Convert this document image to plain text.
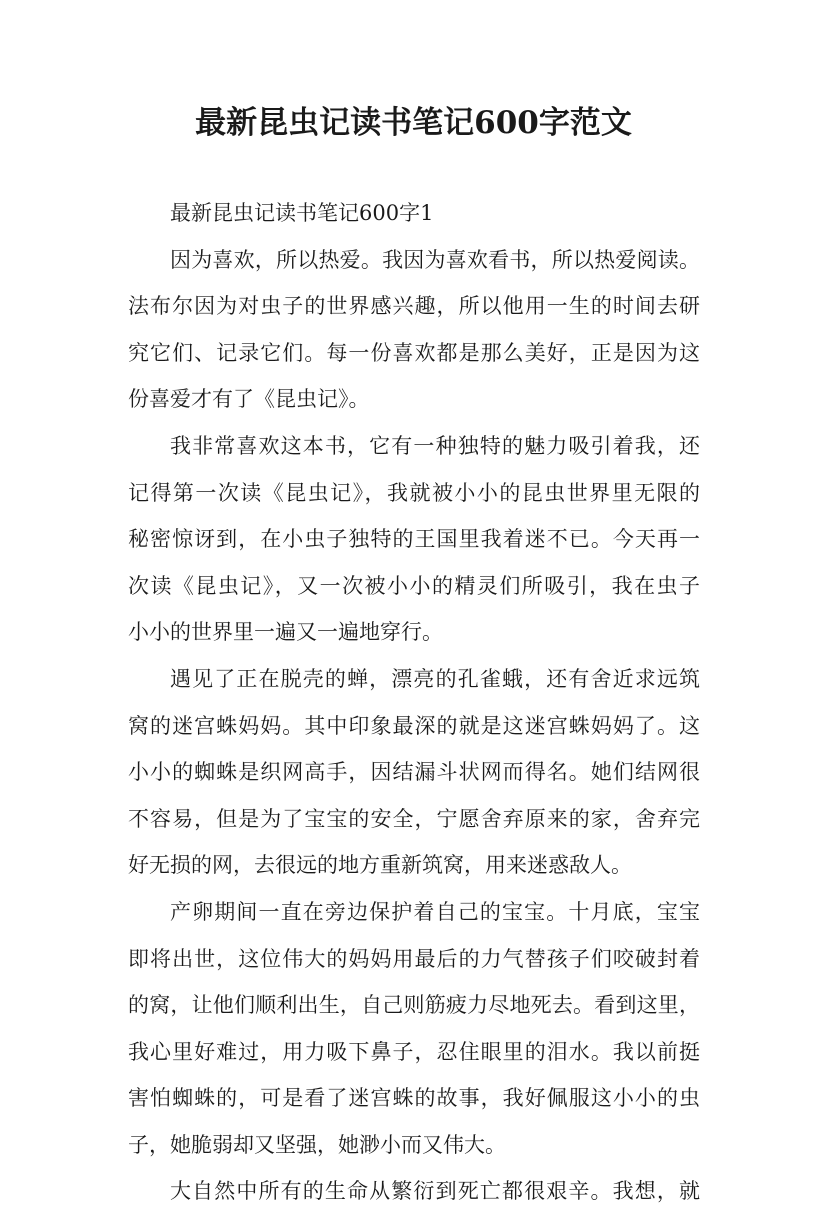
最新昆虫记读书笔记600字范文
最新昆虫记读书笔记600字1
因为喜欢，所以热爱。我因为喜欢看书，所以热爱阅读。
法布尔因为对虫子的世界感兴趣，所以他用一生的时间去研
究它们、记录它们。每一份喜欢都是那么美好，正是因为这
份喜爱才有了《昆虫记》。
我非常喜欢这本书，它有一种独特的魅力吸引着我，还
记得第一次读《昆虫记》，我就被小小的昆虫世界里无限的
秘密惊讶到，在小虫子独特的王国里我着迷不已。今天再一
次读《昆虫记》，又一次被小小的精灵们所吸引，我在虫子
小小的世界里一遍又一遍地穿行。
遇见了正在脱壳的蝉，漂亮的孔雀蛾，还有舍近求远筑
窝的迷宫蛛妈妈。其中印象最深的就是这迷宫蛛妈妈了。这
小小的蜘蛛是织网高手，因结漏斗状网而得名。她们结网很
不容易，但是为了宝宝的安全，宁愿舍弃原来的家，舍弃完
好无损的网，去很远的地方重新筑窝，用来迷惑敌人。
产卵期间一直在旁边保护着自己的宝宝。十月底，宝宝
即将出世，这位伟大的妈妈用最后的力气替孩子们咬破封着
的窝，让他们顺利出生，自己则筋疲力尽地死去。看到这里，
我心里好难过，用力吸下鼻子，忍住眼里的泪水。我以前挺
害怕蜘蛛的，可是看了迷宫蛛的故事，我好佩服这小小的虫
子，她脆弱却又坚强，她渺小而又伟大。
大自然中所有的生命从繁衍到死亡都很艰辛。我想，就
